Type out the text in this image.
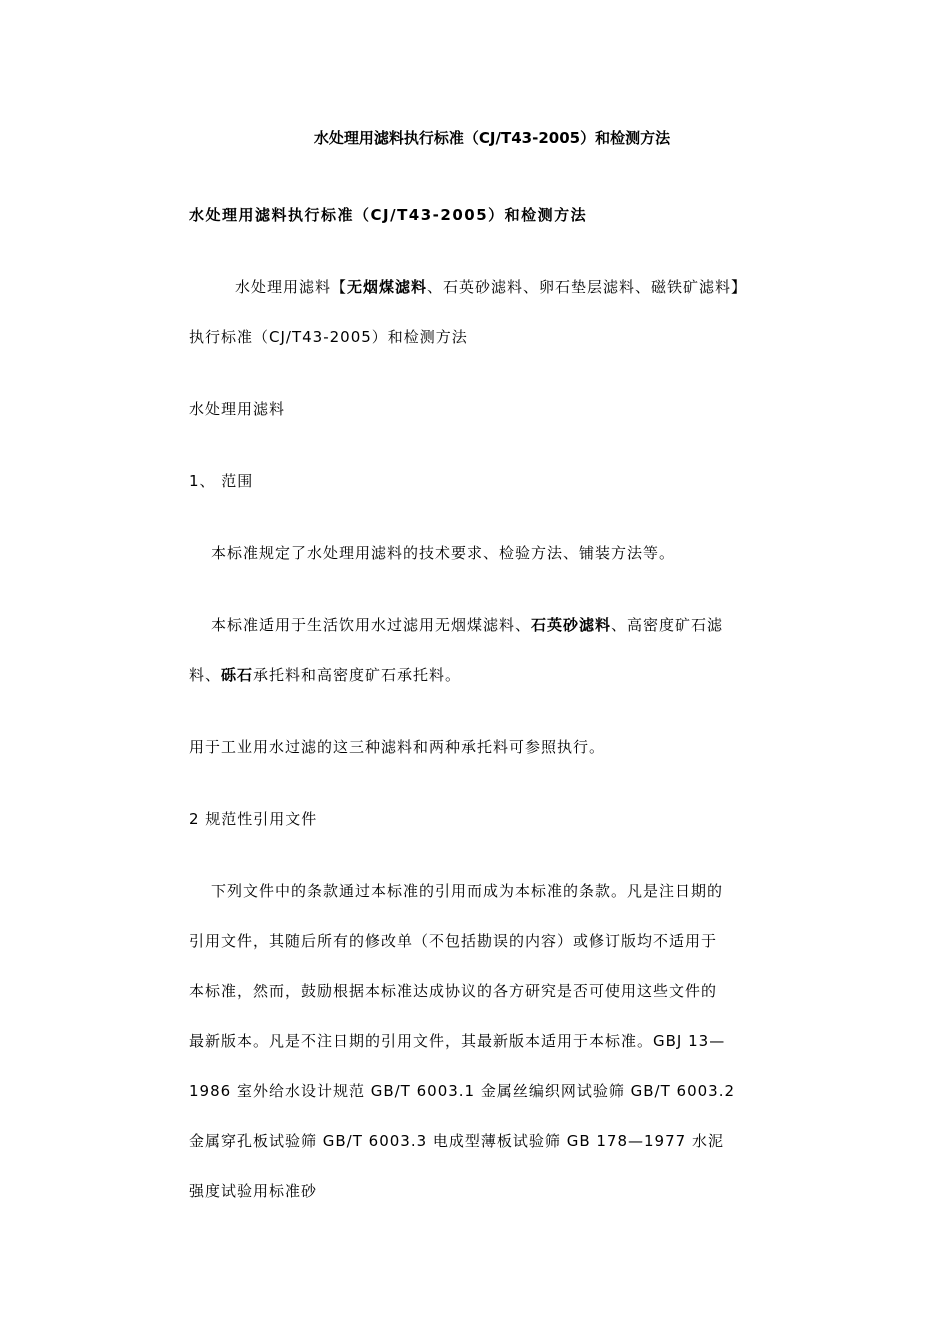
水处理用滤料执行标准（CJ/T43-2005）和检测方法
水处理用滤料执行标准（CJ/T43-2005）和检测方法
水处理用滤料【无烟煤滤料、石英砂滤料、卵石垫层滤料、磁铁矿滤料】
执行标准（CJ/T43-2005）和检测方法
水处理用滤料
1、 范围
本标准规定了水处理用滤料的技术要求、检验方法、铺装方法等。
本标准适用于生活饮用水过滤用无烟煤滤料、石英砂滤料、高密度矿石滤
料、砾石承托料和高密度矿石承托料。
用于工业用水过滤的这三种滤料和两种承托料可参照执行。
2 规范性引用文件
下列文件中的条款通过本标准的引用而成为本标准的条款。凡是注日期的
引用文件，其随后所有的修改单（不包括勘误的内容）或修订版均不适用于
本标准，然而，鼓励根据本标准达成协议的各方研究是否可使用这些文件的
最新版本。凡是不注日期的引用文件，其最新版本适用于本标准。GBJ 13—
1986 室外给水设计规范 GB/T 6003.1 金属丝编织网试验筛 GB/T 6003.2
金属穿孔板试验筛 GB/T 6003.3 电成型薄板试验筛 GB 178—1977 水泥
强度试验用标准砂
